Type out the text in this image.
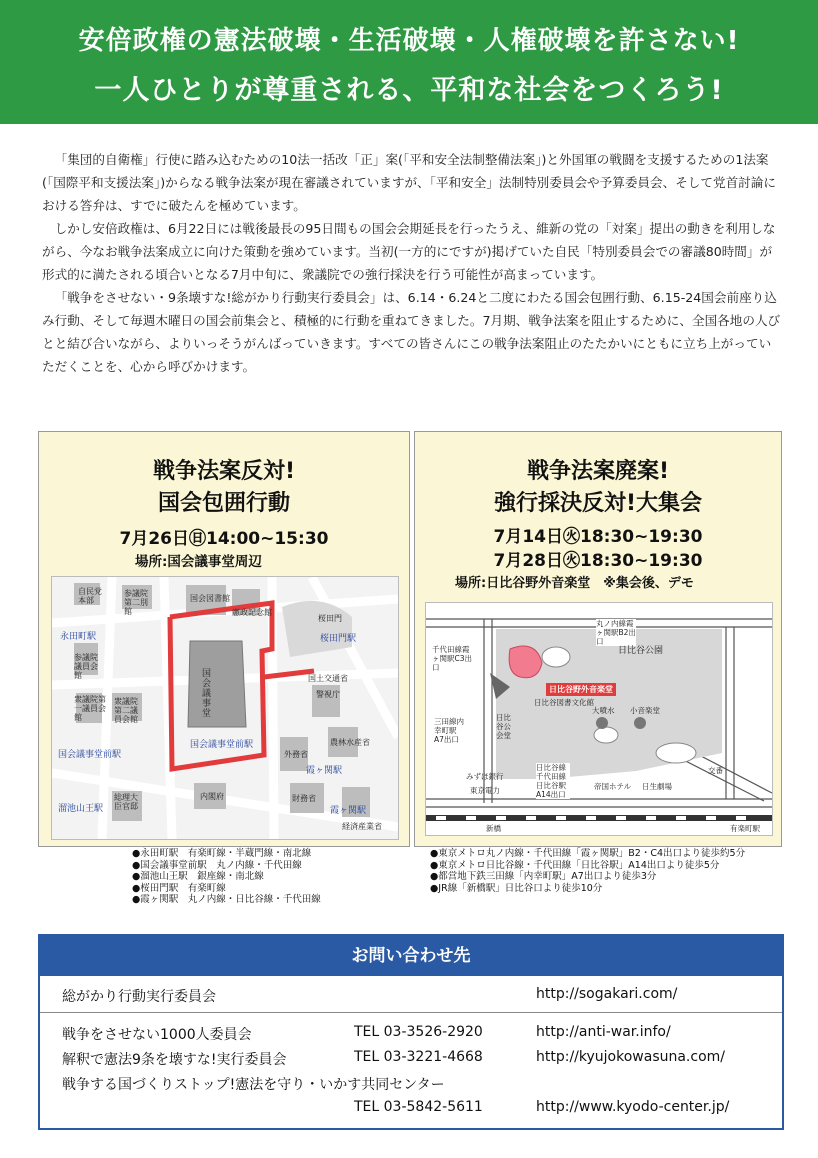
安倍政権の憲法破壊・生活破壊・人権破壊を許さない!
一人ひとりが尊重される、平和な社会をつくろう!

「集団的自衛権」行使に踏み込むための10法一括改「正」案(「平和安全法制整備法案」)と外国軍の戦闘を支援するための1法案(「国際平和支援法案」)からなる戦争法案が現在審議されていますが、「平和安全」法制特別委員会や予算委員会、そして党首討論における答弁は、すでに破たんを極めています。

しかし安倍政権は、6月22日には戦後最長の95日間もの国会会期延長を行ったうえ、維新の党の「対案」提出の動きを利用しながら、今なお戦争法案成立に向けた策動を強めています。当初(一方的にですが)掲げていた自民「特別委員会での審議80時間」が形式的に満たされる頃合いとなる7月中旬に、衆議院での強行採決を行う可能性が高まっています。

「戦争をさせない・9条壊すな!総がかり行動実行委員会」は、6.14・6.24と二度にわたる国会包囲行動、6.15-24国会前座り込み行動、そして毎週木曜日の国会前集会と、積極的に行動を重ねてきました。7月期、戦争法案を阻止するために、全国各地の人びとと結び合いながら、よりいっそうがんばっていきます。すべての皆さんにこの戦争法案阻止のたたかいにともに立ち上がっていただくことを、心から呼びかけます。

戦争法案反対!
国会包囲行動
7月26日㊐14:00~15:30
場所:国会議事堂周辺
自民党本部
参議院第二別館
国会図書館
憲政記念館
永田町駅
参議院議員会館
衆議院第一議員会館
衆議院第二議員会館
国会議事堂
国会議事堂前駅
国会議事堂前駅
総理大臣官邸
溜池山王駅
内閣府
桜田門駅
桜田門
国土交通省
警視庁
外務省
農林水産省
霞ヶ関駅
霞ヶ関駅
財務省
経済産業省
●永田町駅　有楽町線・半蔵門線・南北線
●国会議事堂前駅　丸ノ内線・千代田線
●溜池山王駅　銀座線・南北線
●桜田門駅　有楽町線
●霞ヶ関駅　丸ノ内線・日比谷線・千代田線
戦争法案廃案!
強行採決反対!大集会
7月14日㊋18:30~19:30
7月28日㊋18:30~19:30
場所:日比谷野外音楽堂　※集会後、デモ
丸ノ内線霞ヶ関駅B2出口
千代田線霞ヶ関駅C3出口
日比谷公園
日比谷野外音楽堂
日比谷公会堂
三田線内幸町駅A7出口
日比谷図書文化館
大噴水 小音楽堂
東京電力
みずほ銀行
日比谷線千代田線日比谷駅A14出口
帝国ホテル 日生劇場
新橋	有楽町駅
交番
●東京メトロ丸ノ内線・千代田線「霞ヶ関駅」B2・C4出口より徒歩約5分
●東京メトロ日比谷線・千代田線「日比谷駅」A14出口より徒歩5分
●都営地下鉄三田線「内幸町駅」A7出口より徒歩3分
●JR線「新橋駅」日比谷口より徒歩10分
お問い合わせ先
総がかり行動実行委員会	http://sogakari.com/
戦争をさせない1000人委員会	TEL 03-3526-2920	http://anti-war.info/
解釈で憲法9条を壊すな!実行委員会	TEL 03-3221-4668	http://kyujokowasuna.com/
戦争する国づくりストップ!憲法を守り・いかす共同センター
TEL 03-5842-5611	http://www.kyodo-center.jp/
